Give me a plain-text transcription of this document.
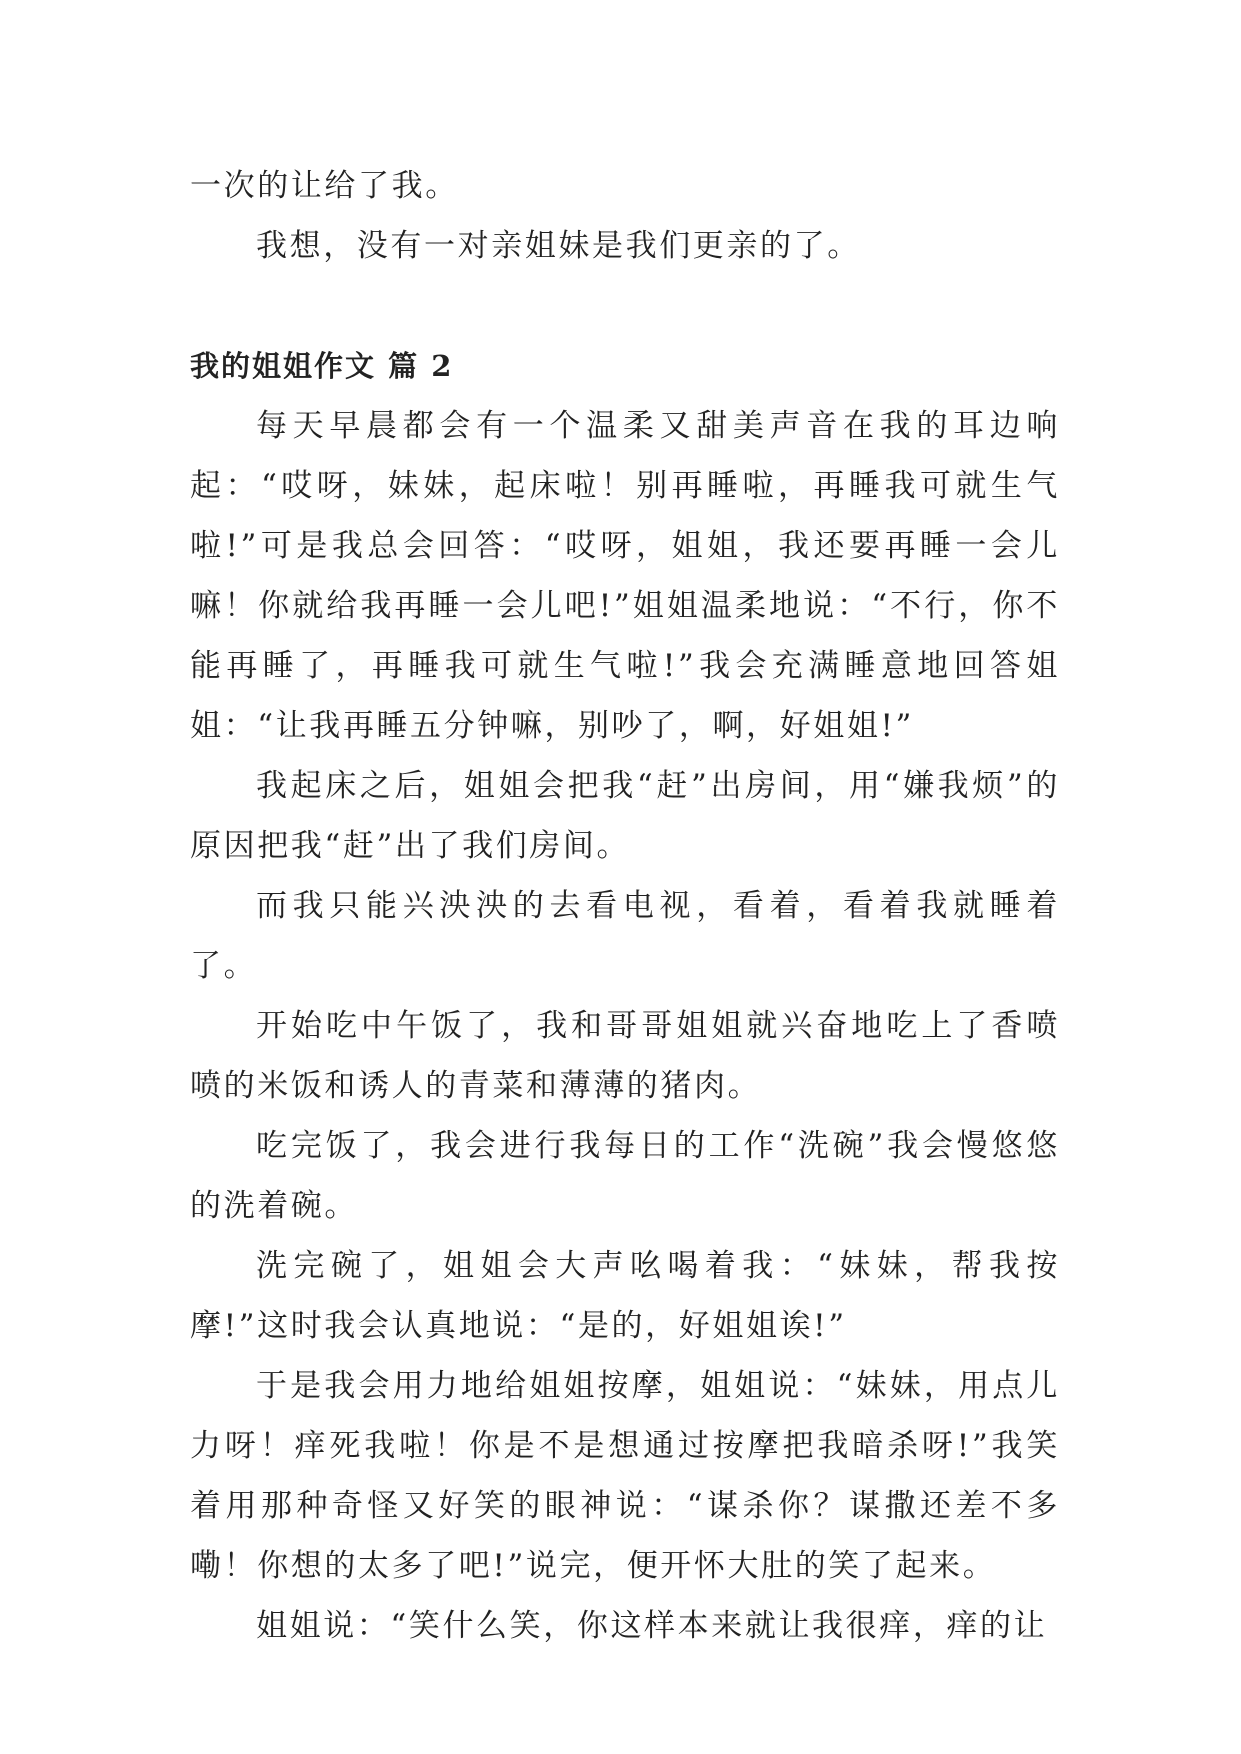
一次的让给了我。

我想，没有一对亲姐妹是我们更亲的了。

我的姐姐作文 篇 2

每天早晨都会有一个温柔又甜美声音在我的耳边响起：“哎呀，妹妹，起床啦！别再睡啦，再睡我可就生气啦!”可是我总会回答：“哎呀，姐姐，我还要再睡一会儿嘛！你就给我再睡一会儿吧!”姐姐温柔地说：“不行，你不能再睡了，再睡我可就生气啦!”我会充满睡意地回答姐姐：“让我再睡五分钟嘛，别吵了，啊，好姐姐!”

我起床之后，姐姐会把我“赶”出房间，用“嫌我烦”的原因把我“赶”出了我们房间。

而我只能兴泱泱的去看电视，看着，看着我就睡着了。

开始吃中午饭了，我和哥哥姐姐就兴奋地吃上了香喷喷的米饭和诱人的青菜和薄薄的猪肉。

吃完饭了，我会进行我每日的工作“洗碗”我会慢悠悠的洗着碗。

洗完碗了，姐姐会大声吆喝着我：“妹妹，帮我按摩!”这时我会认真地说：“是的，好姐姐诶!”

于是我会用力地给姐姐按摩，姐姐说：“妹妹，用点儿力呀！痒死我啦！你是不是想通过按摩把我暗杀呀!”我笑着用那种奇怪又好笑的眼神说：“谋杀你？谋撒还差不多嘞！你想的太多了吧!”说完，便开怀大肚的笑了起来。

姐姐说：“笑什么笑，你这样本来就让我很痒，痒的让
